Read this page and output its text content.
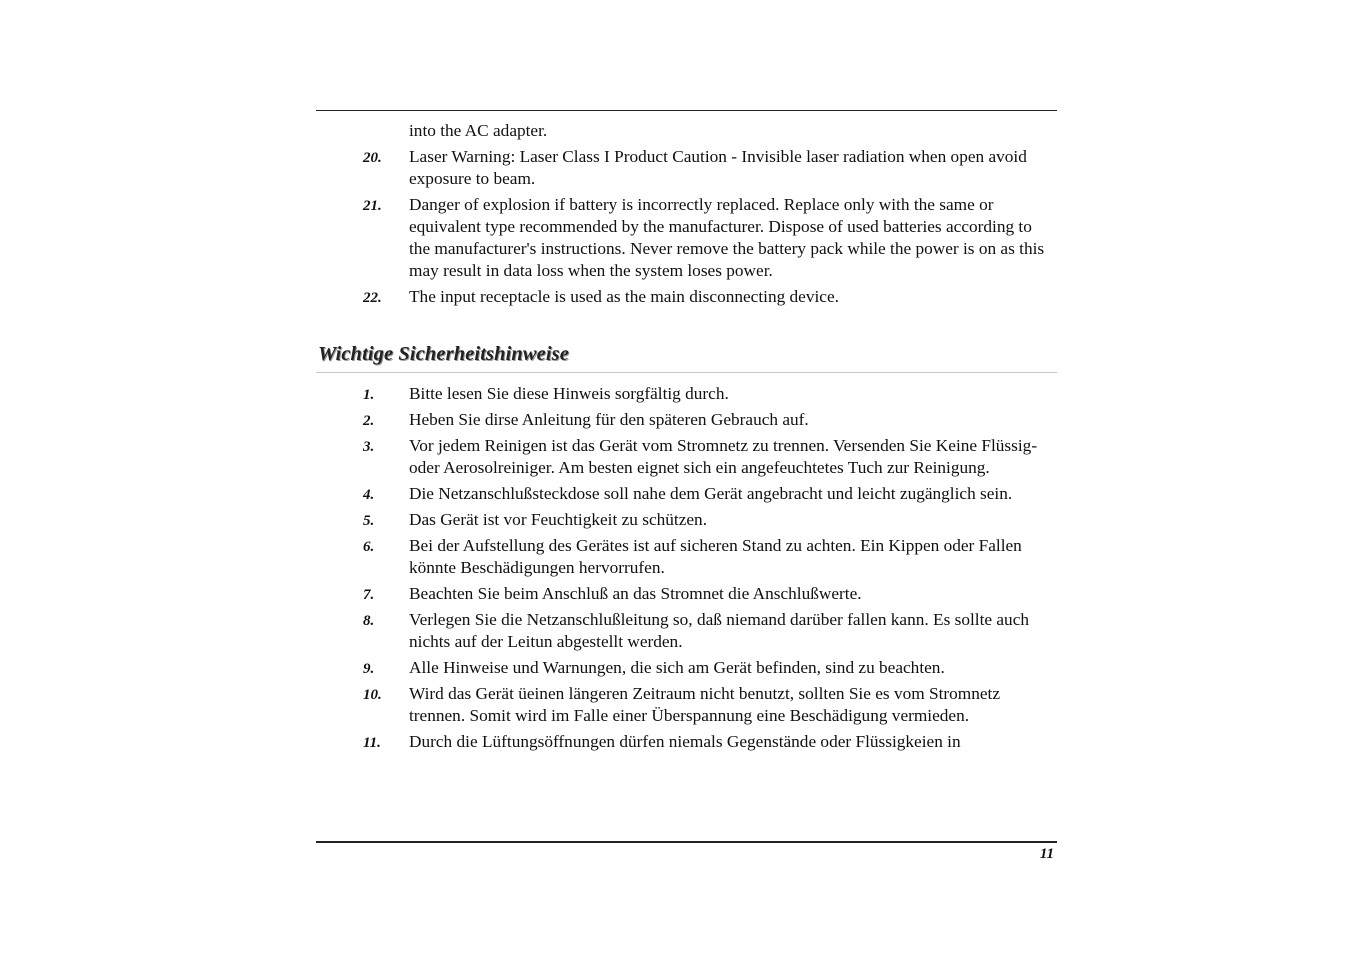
into the AC adapter.
20. Laser Warning: Laser Class I Product Caution - Invisible laser radiation when open avoid exposure to beam.
21. Danger of explosion if battery is incorrectly replaced. Replace only with the same or equivalent type recommended by the manufacturer. Dispose of used batteries according to the manufacturer's instructions. Never remove the battery pack while the power is on as this may result in data loss when the system loses power.
22. The input receptacle is used as the main disconnecting device.
Wichtige Sicherheitshinweise
1. Bitte lesen Sie diese Hinweis sorgfältig durch.
2. Heben Sie dirse Anleitung für den späteren Gebrauch auf.
3. Vor jedem Reinigen ist das Gerät vom Stromnetz zu trennen. Versenden Sie Keine Flüssig- oder Aerosolreiniger. Am besten eignet sich ein angefeuchtetes Tuch zur Reinigung.
4. Die Netzanschlußsteckdose soll nahe dem Gerät angebracht und leicht zugänglich sein.
5. Das Gerät ist vor Feuchtigkeit zu schützen.
6. Bei der Aufstellung des Gerätes ist auf sicheren Stand zu achten. Ein Kippen oder Fallen könnte Beschädigungen hervorrufen.
7. Beachten Sie beim Anschluß an das Stromnet die Anschlußwerte.
8. Verlegen Sie die Netzanschlußleitung so, daß niemand darüber fallen kann. Es sollte auch nichts auf der Leitun abgestellt werden.
9. Alle Hinweise und Warnungen, die sich am Gerät befinden, sind zu beachten.
10. Wird das Gerät üeinen längeren Zeitraum nicht benutzt, sollten Sie es vom Stromnetz trennen. Somit wird im Falle einer Überspannung eine Beschädigung vermieden.
11. Durch die Lüftungsöffnungen dürfen niemals Gegenstände oder Flüssigkeien in
11
